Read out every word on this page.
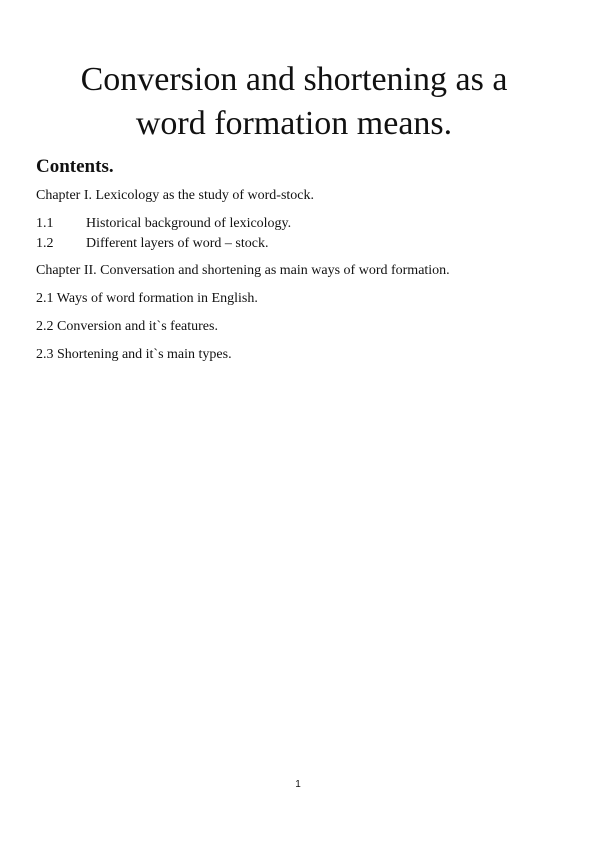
Conversion and shortening as a
word formation means.
Contents.

Chapter I. Lexicology as the study of word-stock.

1.1 Historical background of lexicology.

1.2 Different layers of word – stock.

Chapter II. Conversation and shortening as main ways of word formation.

2.1 Ways of word formation in English.

2.2 Conversion and it`s features.

2.3 Shortening and it`s main types.

1
